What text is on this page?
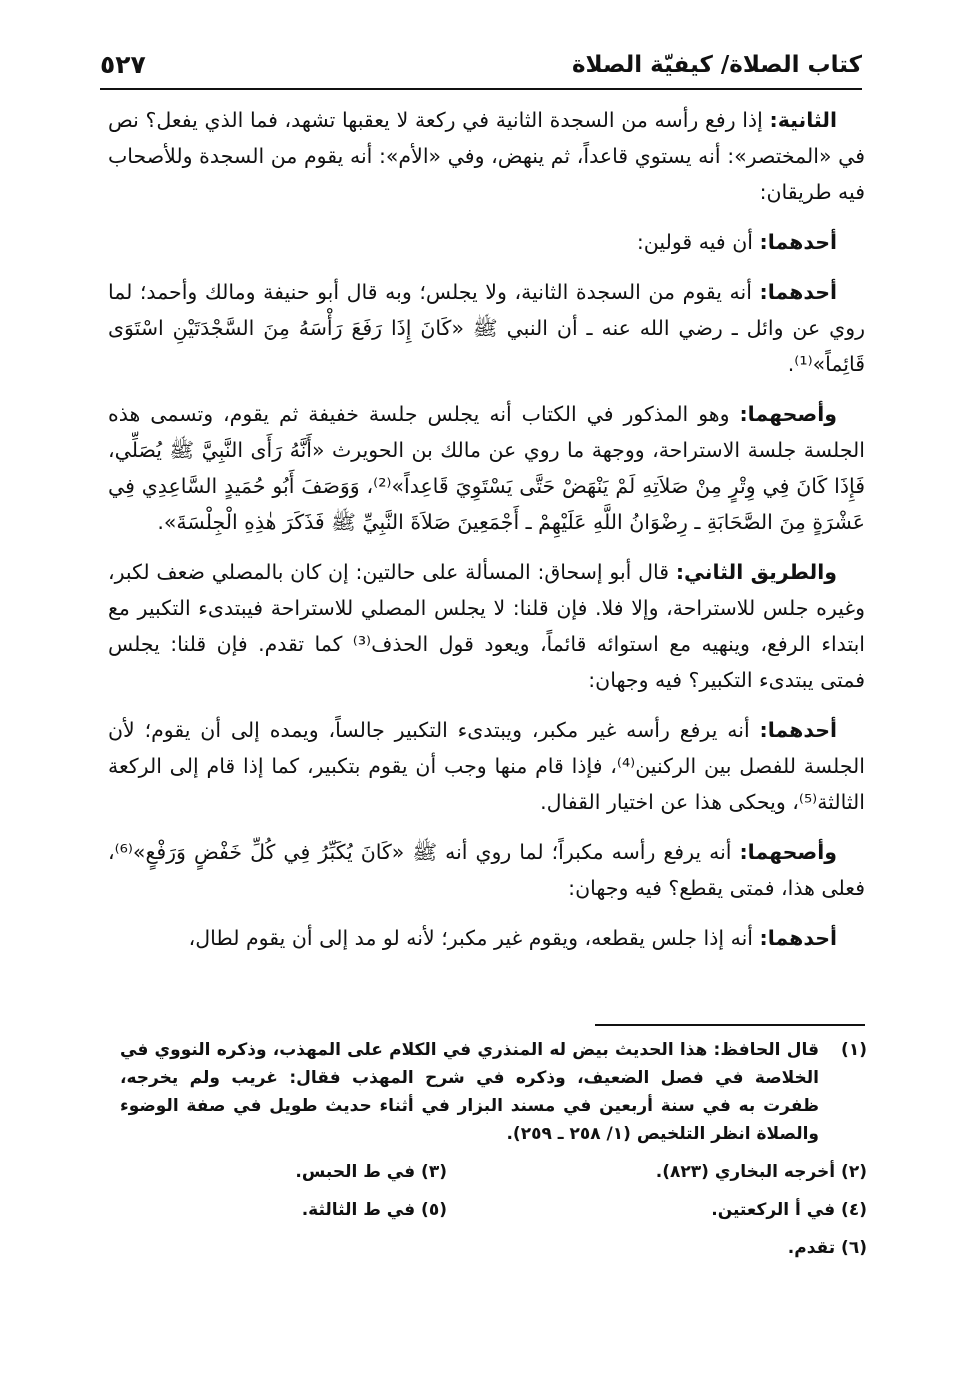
كتاب الصلاة/ كيفيّة الصلاة
٥٢٧

الثانية: إذا رفع رأسه من السجدة الثانية في ركعة لا يعقبها تشهد، فما الذي يفعل؟ نص في «المختصر»: أنه يستوي قاعداً، ثم ينهض، وفي «الأم»: أنه يقوم من السجدة وللأصحاب فيه طريقان:

أحدهما: أن فيه قولين:

أحدهما: أنه يقوم من السجدة الثانية، ولا يجلس؛ وبه قال أبو حنيفة ومالك وأحمد؛ لما روي عن وائل ـ رضي الله عنه ـ أن النبي ﷺ «كَانَ إِذَا رَفَعَ رَأْسَهُ مِنَ السَّجْدَتَيْنِ اسْتَوَى قَائِماً»⁽¹⁾.

وأصحهما: وهو المذكور في الكتاب أنه يجلس جلسة خفيفة ثم يقوم، وتسمى هذه الجلسة جلسة الاستراحة، ووجهة ما روي عن مالك بن الحويرث «أَنَّهُ رَأَى النَّبِيَّ ﷺ يُصَلِّي، فَإِذَا كَانَ فِي وِتْرٍ مِنْ صَلاَتِهِ لَمْ يَنْهَضْ حَتَّى يَسْتَوِيَ قَاعِداً»⁽²⁾، وَوَصَفَ أَبُو حُمَيدٍ السَّاعِدِي فِي عَشْرَةٍ مِنَ الصَّحَابَةِ ـ رِضْوَانُ اللَّهِ عَلَيْهِمْ ـ أَجْمَعِينَ صَلاَةَ النَّبِيِّ ﷺ فَذَكَرَ هٰذِهِ الْجِلْسَةَ».

والطريق الثاني: قال أبو إسحاق: المسألة على حالتين: إن كان بالمصلي ضعف لكبر، وغيره جلس للاستراحة، وإلا فلا. فإن قلنا: لا يجلس المصلي للاستراحة فيبتدىء التكبير مع ابتداء الرفع، وينهيه مع استوائه قائماً، ويعود قول الحذف⁽³⁾ كما تقدم. فإن قلنا: يجلس فمتى يبتدىء التكبير؟ فيه وجهان:

أحدهما: أنه يرفع رأسه غير مكبر، ويبتدىء التكبير جالساً، ويمده إلى أن يقوم؛ لأن الجلسة للفصل بين الركنين⁽⁴⁾، فإذا قام منها وجب أن يقوم بتكبير، كما إذا قام إلى الركعة الثالثة⁽⁵⁾، ويحكى هذا عن اختيار القفال.

وأصحهما: أنه يرفع رأسه مكبراً؛ لما روي أنه ﷺ «كَانَ يُكَبِّرُ فِي كُلِّ خَفْضٍ وَرَفْعٍ»⁽⁶⁾، فعلى هذا، فمتى يقطع؟ فيه وجهان:

أحدهما: أنه إذا جلس يقطعه، ويقوم غير مكبر؛ لأنه لو مد إلى أن يقوم لطال،

(١)
قال الحافظ: هذا الحديث بيض له المنذري في الكلام على المهذب، وذكره النووي في الخلاصة في فصل الضعيف، وذكره في شرح المهذب فقال: غريب ولم يخرجه، ظفرت به في سنة أربعين في مسند البزار في أثناء حديث طويل في صفة الوضوء والصلاة انظر التلخيص (١/ ٢٥٨ ـ ٢٥٩).
(٢) أخرجه البخاري (٨٢٣).
(٣) في ط الحبس.
(٤) في أ الركعتين.
(٥) في ط الثالثة.
(٦) تقدم.
